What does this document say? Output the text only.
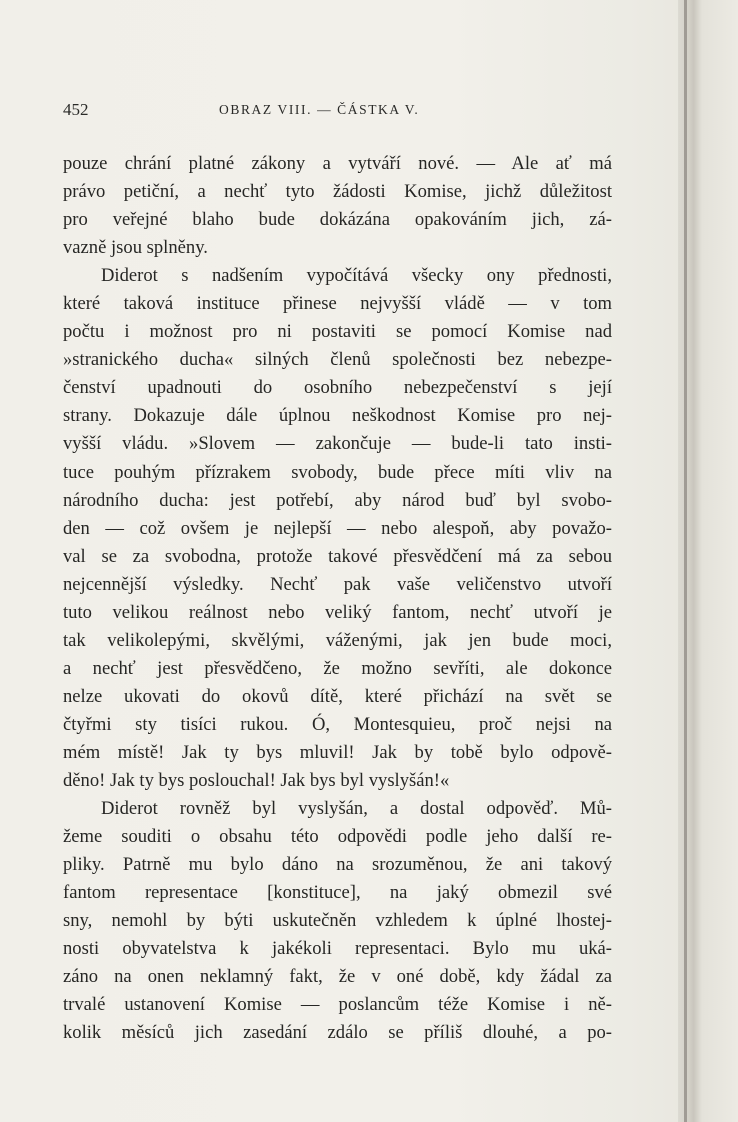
452	OBRAZ VIII. — ČÁSTKA V.
pouze chrání platné zákony a vytváří nové. — Ale ať má
právo petiční, a nechť tyto žádosti Komise, jichž důležitost
pro veřejné blaho bude dokázána opakováním jich, zá-
vazně jsou splněny.
Diderot s nadšením vypočítává všecky ony přednosti,
které taková instituce přinese nejvyšší vládě — v tom
počtu i možnost pro ni postaviti se pomocí Komise nad
»stranického ducha« silných členů společnosti bez nebezpe-
čenství upadnouti do osobního nebezpečenství s její
strany. Dokazuje dále úplnou neškodnost Komise pro nej-
vyšší vládu. »Slovem — zakončuje — bude-li tato insti-
tuce pouhým přízrakem svobody, bude přece míti vliv na
národního ducha: jest potřebí, aby národ buď byl svobo-
den — což ovšem je nejlepší — nebo alespoň, aby považo-
val se za svobodna, protože takové přesvědčení má za sebou
nejcennější výsledky. Nechť pak vaše veličenstvo utvoří
tuto velikou reálnost nebo veliký fantom, nechť utvoří je
tak velikolepými, skvělými, váženými, jak jen bude moci,
a nechť jest přesvědčeno, že možno sevříti, ale dokonce
nelze ukovati do okovů dítě, které přichází na svět se
čtyřmi sty tisíci rukou. Ó, Montesquieu, proč nejsi na
mém místě! Jak ty bys mluvil! Jak by tobě bylo odpově-
děno! Jak ty bys poslouchal! Jak bys byl vyslyšán!«
Diderot rovněž byl vyslyšán, a dostal odpověď. Mů-
žeme souditi o obsahu této odpovědi podle jeho další re-
pliky. Patrně mu bylo dáno na srozuměnou, že ani takový
fantom representace [konstituce], na jaký obmezil své
sny, nemohl by býti uskutečněn vzhledem k úplné lhostej-
nosti obyvatelstva k jakékoli representaci. Bylo mu uká-
záno na onen neklamný fakt, že v oné době, kdy žádal za
trvalé ustanovení Komise — poslancům téže Komise i ně-
kolik měsíců jich zasedání zdálo se příliš dlouhé, a po-
